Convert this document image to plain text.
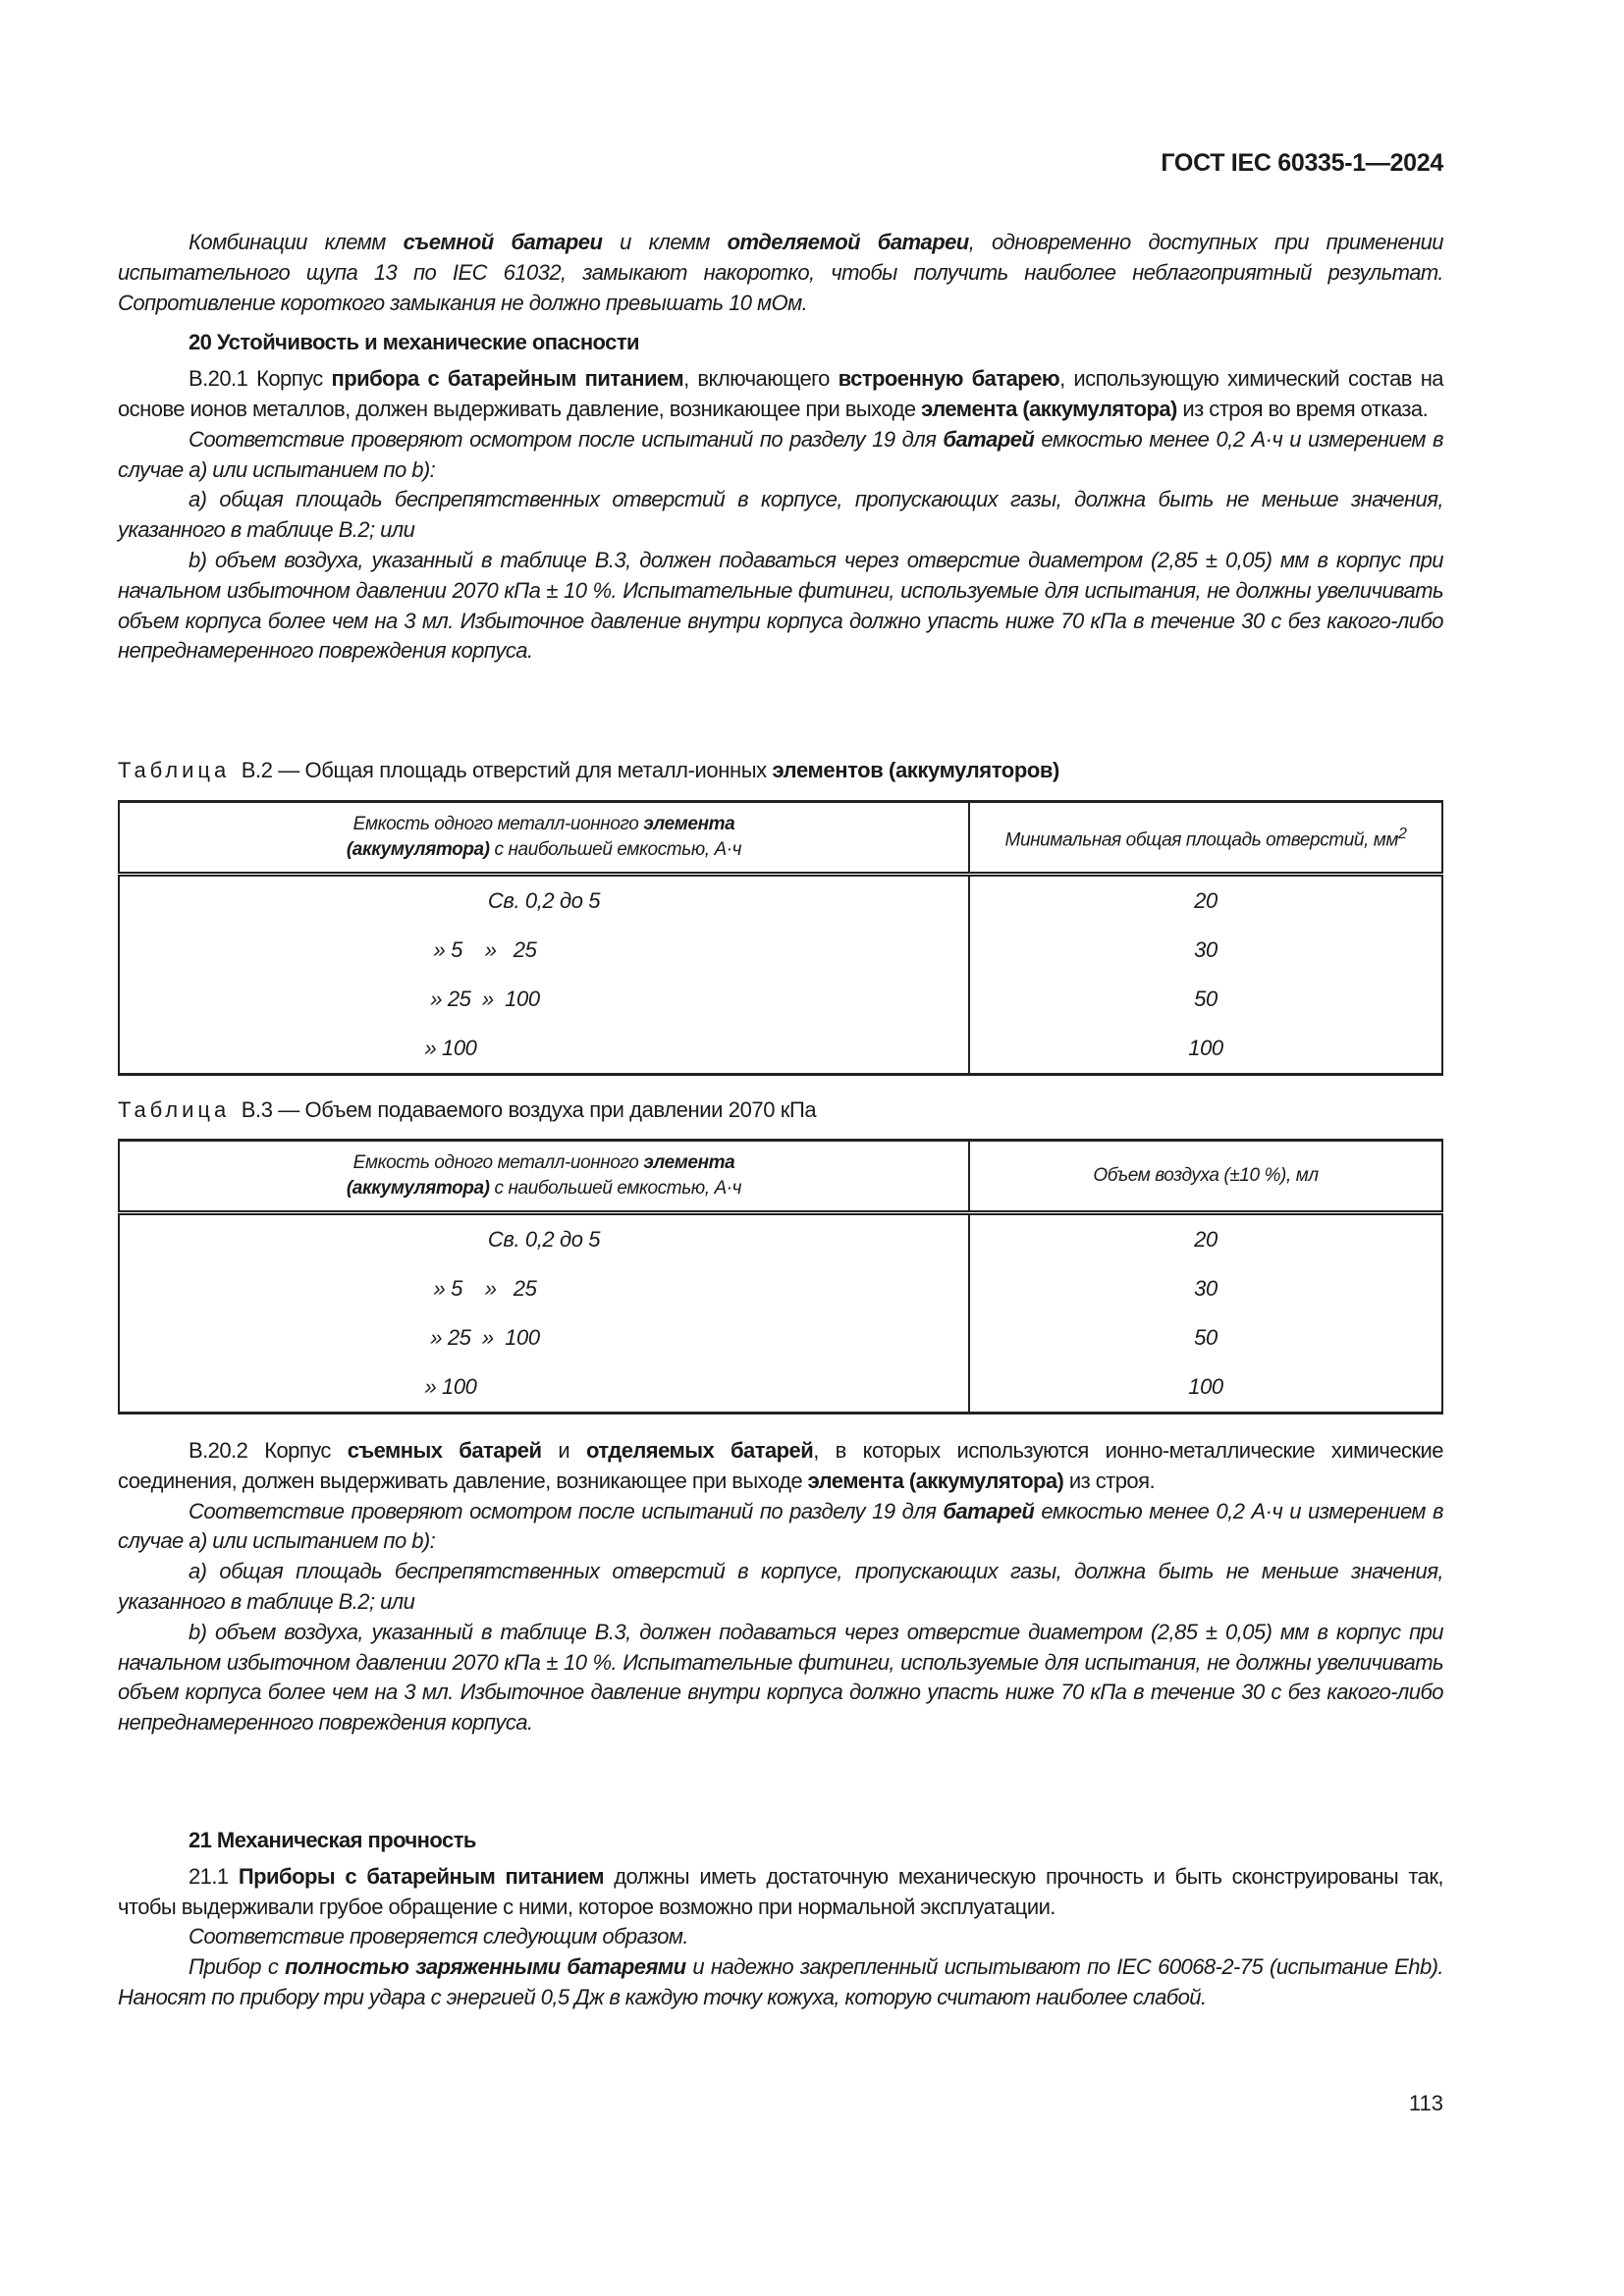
ГОСТ IEC 60335-1—2024

Комбинации клемм съемной батареи и клемм отделяемой батареи, одновременно доступных при применении испытательного щупа 13 по IEC 61032, замыкают накоротко, чтобы получить наиболее неблагоприятный результат. Сопротивление короткого замыкания не должно превышать 10 мОм.

20 Устойчивость и механические опасности

B.20.1 Корпус прибора с батарейным питанием, включающего встроенную батарею, использующую химический состав на основе ионов металлов, должен выдерживать давление, возникающее при выходе элемента (аккумулятора) из строя во время отказа.

Соответствие проверяют осмотром после испытаний по разделу 19 для батарей емкостью менее 0,2 А·ч и измерением в случае а) или испытанием по b):

а) общая площадь беспрепятственных отверстий в корпусе, пропускающих газы, должна быть не меньше значения, указанного в таблице B.2; или

b) объем воздуха, указанный в таблице B.3, должен подаваться через отверстие диаметром (2,85 ± 0,05) мм в корпус при начальном избыточном давлении 2070 кПа ± 10 %. Испытательные фитинги, используемые для испытания, не должны увеличивать объем корпуса более чем на 3 мл. Избыточное давление внутри корпуса должно упасть ниже 70 кПа в течение 30 с без какого-либо непреднамеренного повреждения корпуса.

Таблица B.2 — Общая площадь отверстий для металл-ионных элементов (аккумуляторов)
Емкость одного металл-ионного элемента
(аккумулятора) с наибольшей емкостью, А·ч	Минимальная общая площадь отверстий, $мм^2$
Св. 0,2 до 5	20
» 5    »   25	30
» 25  »  100	50
» 100	100
Таблица B.3 — Объем подаваемого воздуха при давлении 2070 кПа
Емкость одного металл-ионного элемента
(аккумулятора) с наибольшей емкостью, А·ч	Объем воздуха (±10 %), мл
Св. 0,2 до 5	20
» 5    »   25	30
» 25  »  100	50
» 100	100

B.20.2 Корпус съемных батарей и отделяемых батарей, в которых используются ионно-металлические химические соединения, должен выдерживать давление, возникающее при выходе элемента (аккумулятора) из строя.

Соответствие проверяют осмотром после испытаний по разделу 19 для батарей емкостью менее 0,2 А·ч и измерением в случае а) или испытанием по b):

а) общая площадь беспрепятственных отверстий в корпусе, пропускающих газы, должна быть не меньше значения, указанного в таблице B.2; или

b) объем воздуха, указанный в таблице B.3, должен подаваться через отверстие диаметром (2,85 ± 0,05) мм в корпус при начальном избыточном давлении 2070 кПа ± 10 %. Испытательные фитинги, используемые для испытания, не должны увеличивать объем корпуса более чем на 3 мл. Избыточное давление внутри корпуса должно упасть ниже 70 кПа в течение 30 с без какого-либо непреднамеренного повреждения корпуса.

21 Механическая прочность

21.1 Приборы с батарейным питанием должны иметь достаточную механическую прочность и быть сконструированы так, чтобы выдерживали грубое обращение с ними, которое возможно при нормальной эксплуатации.

Соответствие проверяется следующим образом.

Прибор с полностью заряженными батареями и надежно закрепленный испытывают по IEC 60068-2-75 (испытание Ehb). Наносят по прибору три удара с энергией 0,5 Дж в каждую точку кожуха, которую считают наиболее слабой.

113
